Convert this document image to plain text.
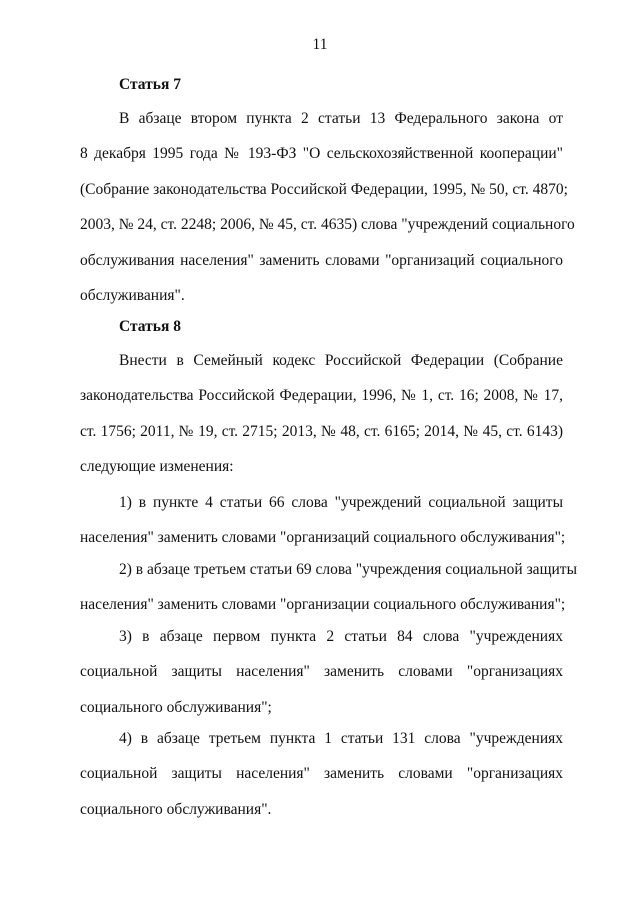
11
Статья 7

В абзаце втором пункта 2 статьи 13 Федерального закона от
8 декабря 1995 года № 193-ФЗ "О сельскохозяйственной кооперации"
(Собрание законодательства Российской Федерации, 1995, № 50, ст. 4870;
2003, № 24, ст. 2248; 2006, № 45, ст. 4635) слова "учреждений социального
обслуживания населения" заменить словами "организаций социального
обслуживания".

Статья 8

Внести в Семейный кодекс Российской Федерации (Собрание
законодательства Российской Федерации, 1996, № 1, ст. 16; 2008, № 17,
ст. 1756; 2011, № 19, ст. 2715; 2013, № 48, ст. 6165; 2014, № 45, ст. 6143)
следующие изменения:

1) в пункте 4 статьи 66 слова "учреждений социальной защиты
населения" заменить словами "организаций социального обслуживания";

2) в абзаце третьем статьи 69 слова "учреждения социальной защиты
населения" заменить словами "организации социального обслуживания";

3) в абзаце первом пункта 2 статьи 84 слова "учреждениях
социальной защиты населения" заменить словами "организациях
социального обслуживания";

4) в абзаце третьем пункта 1 статьи 131 слова "учреждениях
социальной защиты населения" заменить словами "организациях
социального обслуживания".
